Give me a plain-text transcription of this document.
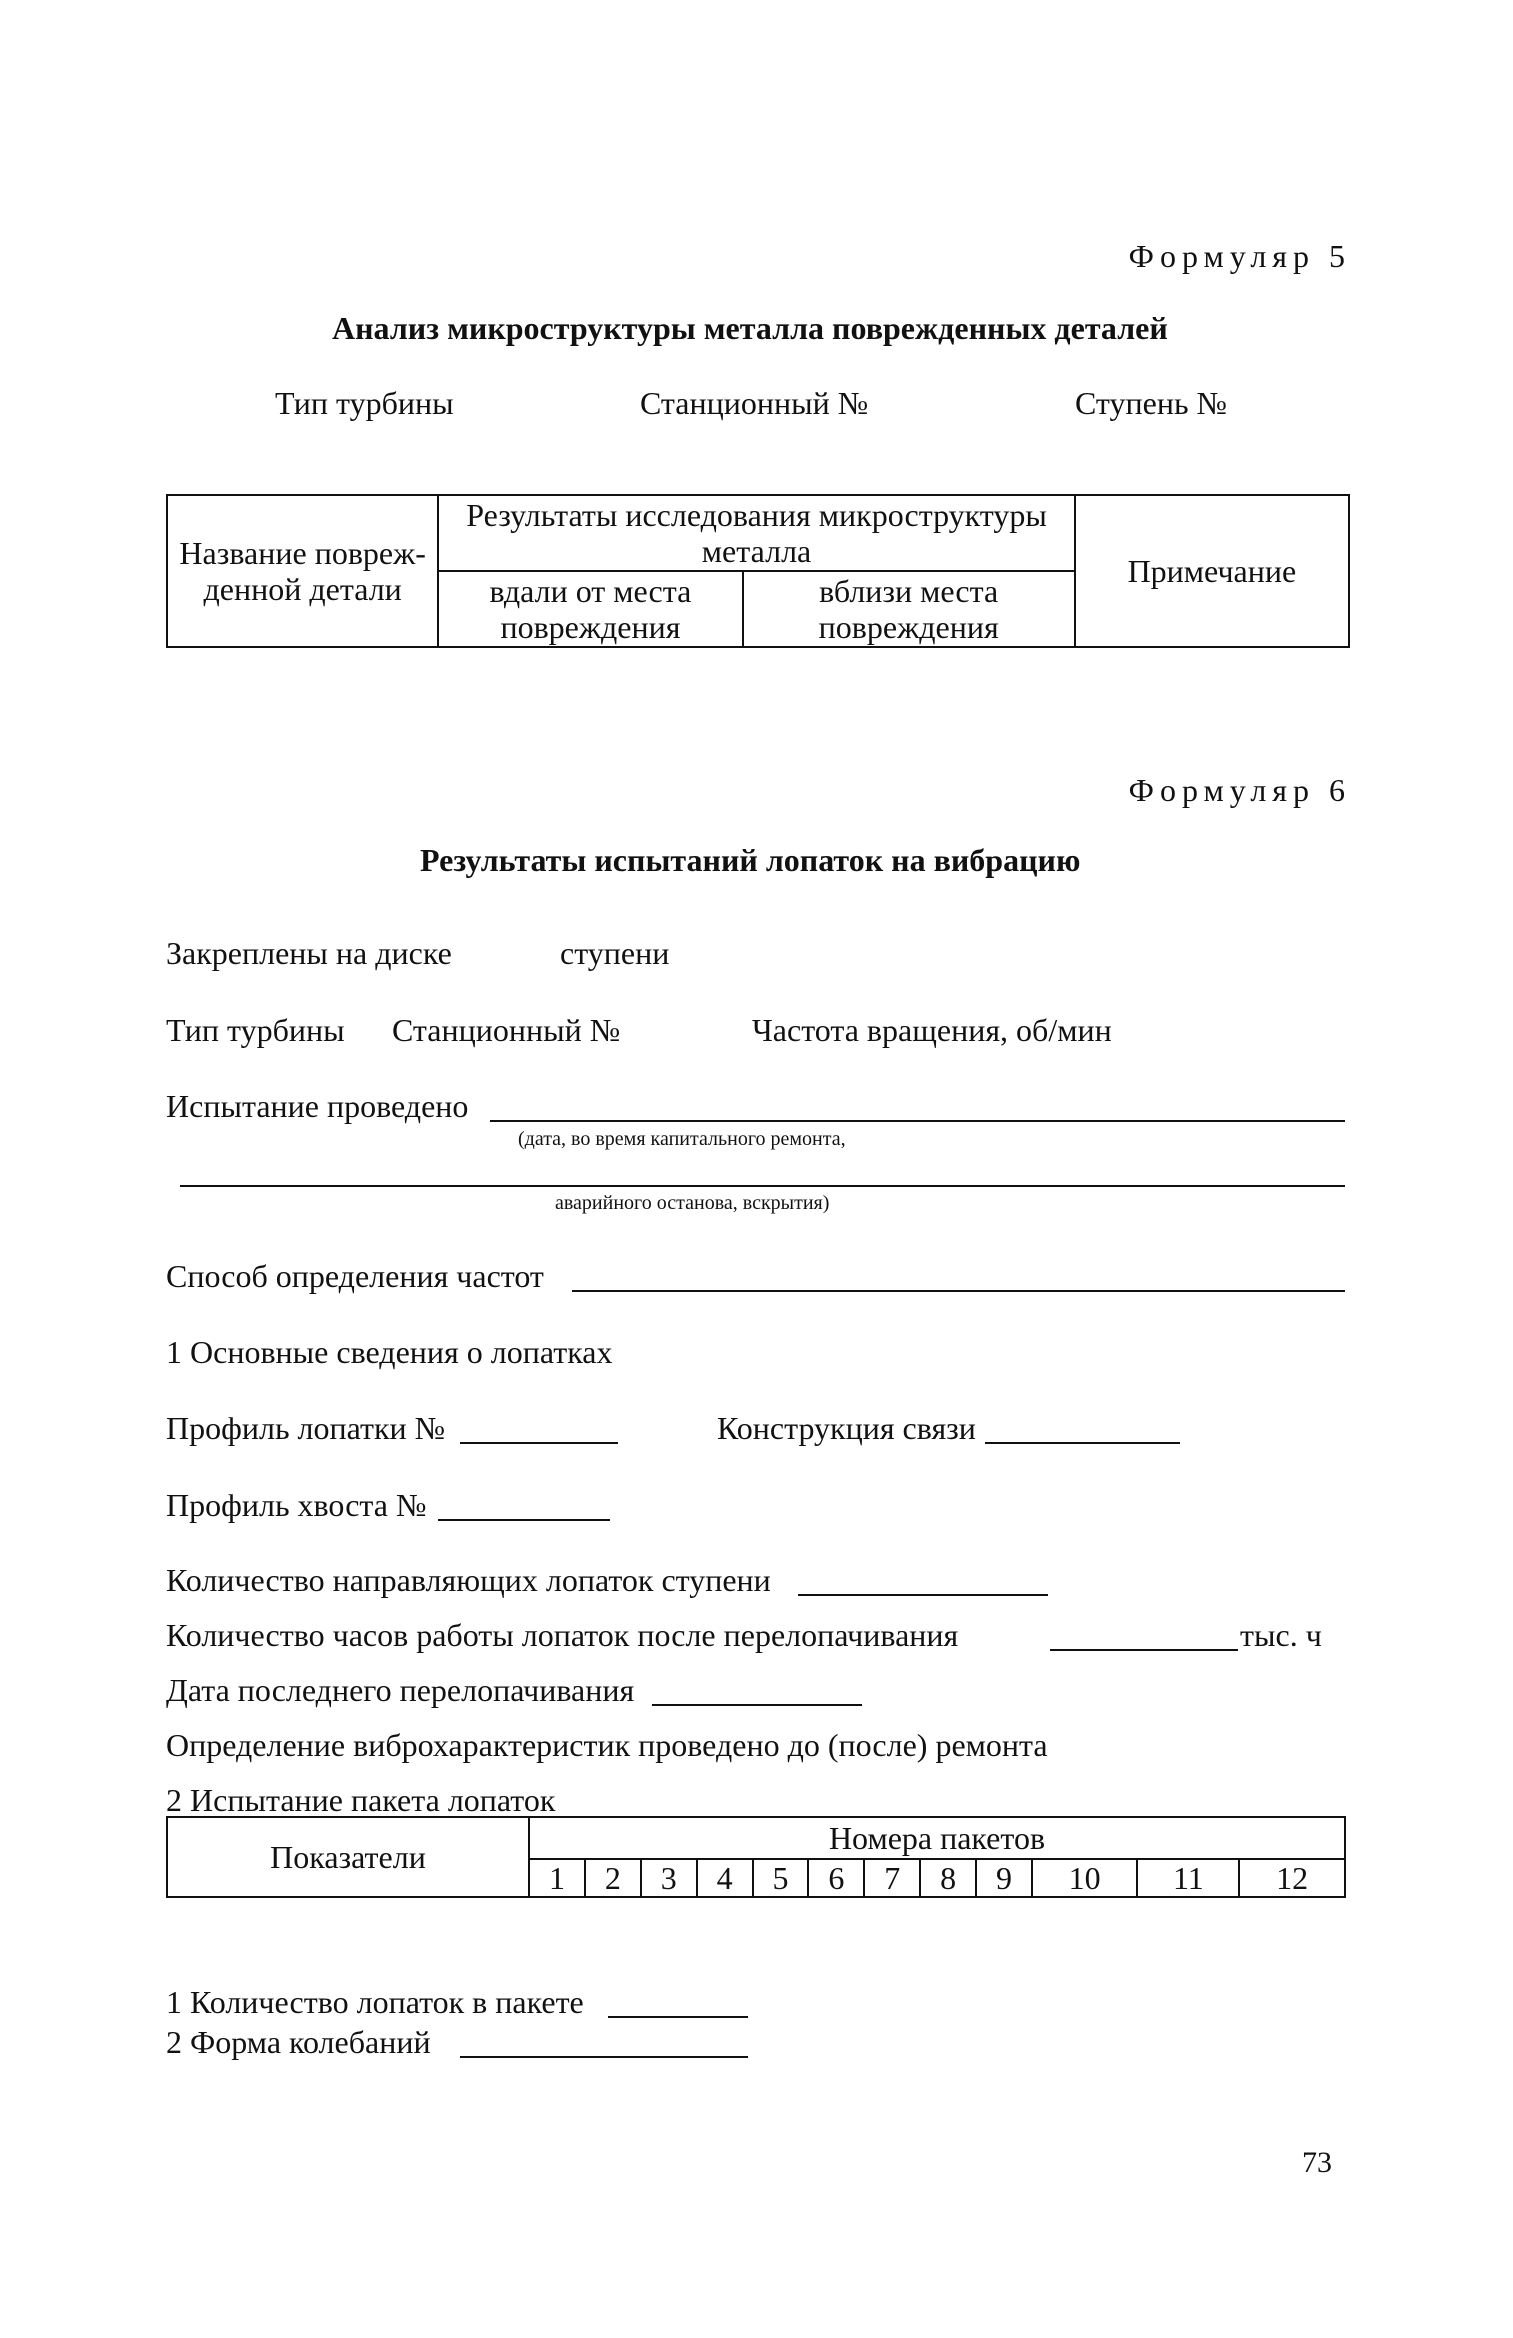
Формуляр 5
Анализ микроструктуры металла поврежденных деталей
Тип турбины	Станционный №	Ступень №
Название повреж-
денной детали	Результаты исследования микроструктуры металла		Примечание
	вдали от места повреждения	вблизи места повреждения	
Формуляр 6
Результаты испытаний лопаток на вибрацию
Закреплены на диске	ступени
Тип турбины Станционный №	Частота вращения, об/мин
Испытание проведено
(дата, во время капитального ремонта,
аварийного останова, вскрытия)
Способ определения частот
1 Основные сведения о лопатках
Профиль лопатки №	Конструкция связи
Профиль хвоста №
Количество направляющих лопаток ступени
Количество часов работы лопаток после перелопачивания	тыс. ч
Дата последнего перелопачивания
Определение виброхарактеристик проведено до (после) ремонта
2 Испытание пакета лопаток
Показатели	Номера пакетов											
	1	2	3	4	5	6	7	8	9	10	11	12
1 Количество лопаток в пакете
2 Форма колебаний
73
